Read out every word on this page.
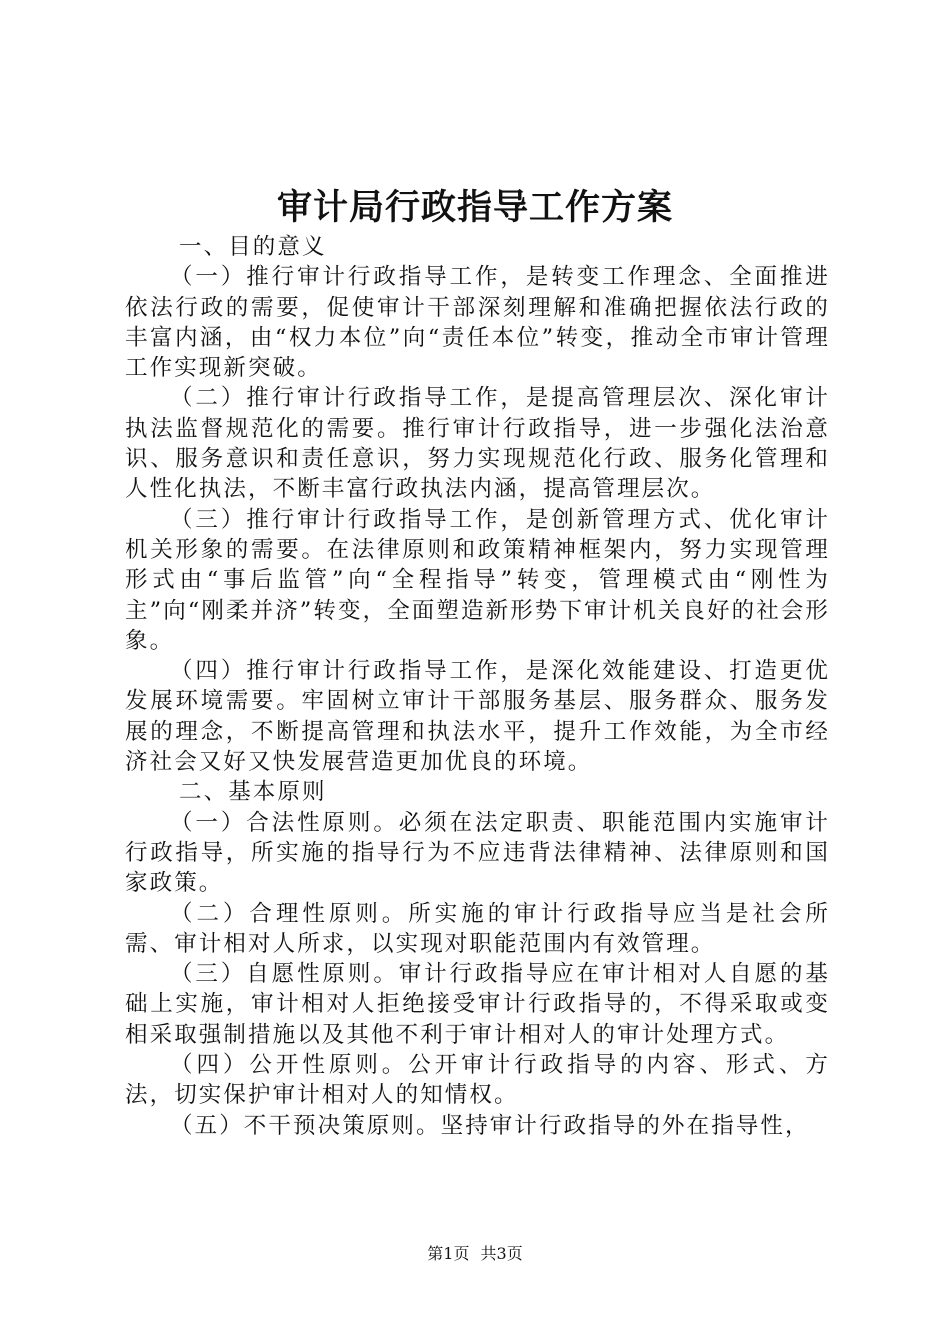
审计局行政指导工作方案

一、目的意义

（一）推行审计行政指导工作，是转变工作理念、全面推进依法行政的需要，促使审计干部深刻理解和准确把握依法行政的丰富内涵，由“权力本位”向“责任本位”转变，推动全市审计管理工作实现新突破。

（二）推行审计行政指导工作，是提高管理层次、深化审计执法监督规范化的需要。推行审计行政指导，进一步强化法治意识、服务意识和责任意识，努力实现规范化行政、服务化管理和人性化执法，不断丰富行政执法内涵，提高管理层次。

（三）推行审计行政指导工作，是创新管理方式、优化审计机关形象的需要。在法律原则和政策精神框架内，努力实现管理形式由“事后监管”向“全程指导”转变，管理模式由“刚性为主”向“刚柔并济”转变，全面塑造新形势下审计机关良好的社会形象。

（四）推行审计行政指导工作，是深化效能建设、打造更优发展环境需要。牢固树立审计干部服务基层、服务群众、服务发展的理念，不断提高管理和执法水平，提升工作效能，为全市经济社会又好又快发展营造更加优良的环境。

二、基本原则

（一）合法性原则。必须在法定职责、职能范围内实施审计行政指导，所实施的指导行为不应违背法律精神、法律原则和国家政策。

（二）合理性原则。所实施的审计行政指导应当是社会所需、审计相对人所求，以实现对职能范围内有效管理。

（三）自愿性原则。审计行政指导应在审计相对人自愿的基础上实施，审计相对人拒绝接受审计行政指导的，不得采取或变相采取强制措施以及其他不利于审计相对人的审计处理方式。

（四）公开性原则。公开审计行政指导的内容、形式、方法，切实保护审计相对人的知情权。

（五）不干预决策原则。坚持审计行政指导的外在指导性，

第1页 共3页
